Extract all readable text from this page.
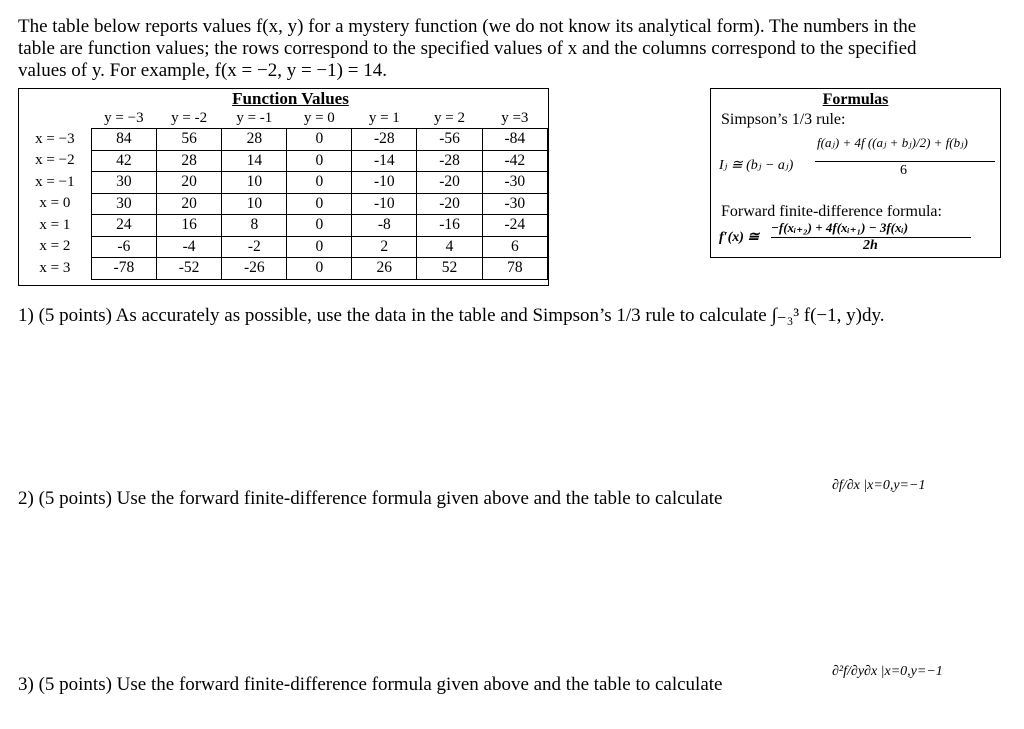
The table below reports values f(x, y) for a mystery function (we do not know its analytical form). The numbers in the
table are function values; the rows correspond to the specified values of x and the columns correspond to the specified
values of y. For example, f(x = −2, y = −1) = 14.
Function Values
	y = −3	y = -2	y = -1	y = 0	y = 1	y = 2	y =3
x = −3	84	56	28	0	-28	-56	-84
x = −2	42	28	14	0	-14	-28	-42
x = −1	30	20	10	0	-10	-20	-30
x = 0	30	20	10	0	-10	-20	-30
x = 1	24	16	8	0	-8	-16	-24
x = 2	-6	-4	-2	0	2	4	6
x = 3	-78	-52	-26	0	26	52	78
Formulas
Simpson’s 1/3 rule:
Iⱼ ≅ (bⱼ − aⱼ)
f(aⱼ) + 4f ((aⱼ + bⱼ)/2) + f(bⱼ)
6
Forward finite-difference formula:
f′(x) ≅
−f(xᵢ₊₂) + 4f(xᵢ₊₁) − 3f(xᵢ)
2h
1) (5 points) As accurately as possible, use the data in the table and Simpson’s 1/3 rule to calculate ∫₋₃³ f(−1, y)dy.
2) (5 points) Use the forward finite-difference formula given above and the table to calculate
∂f/∂x |x=0,y=−1
3) (5 points) Use the forward finite-difference formula given above and the table to calculate
∂²f/∂y∂x |x=0,y=−1
